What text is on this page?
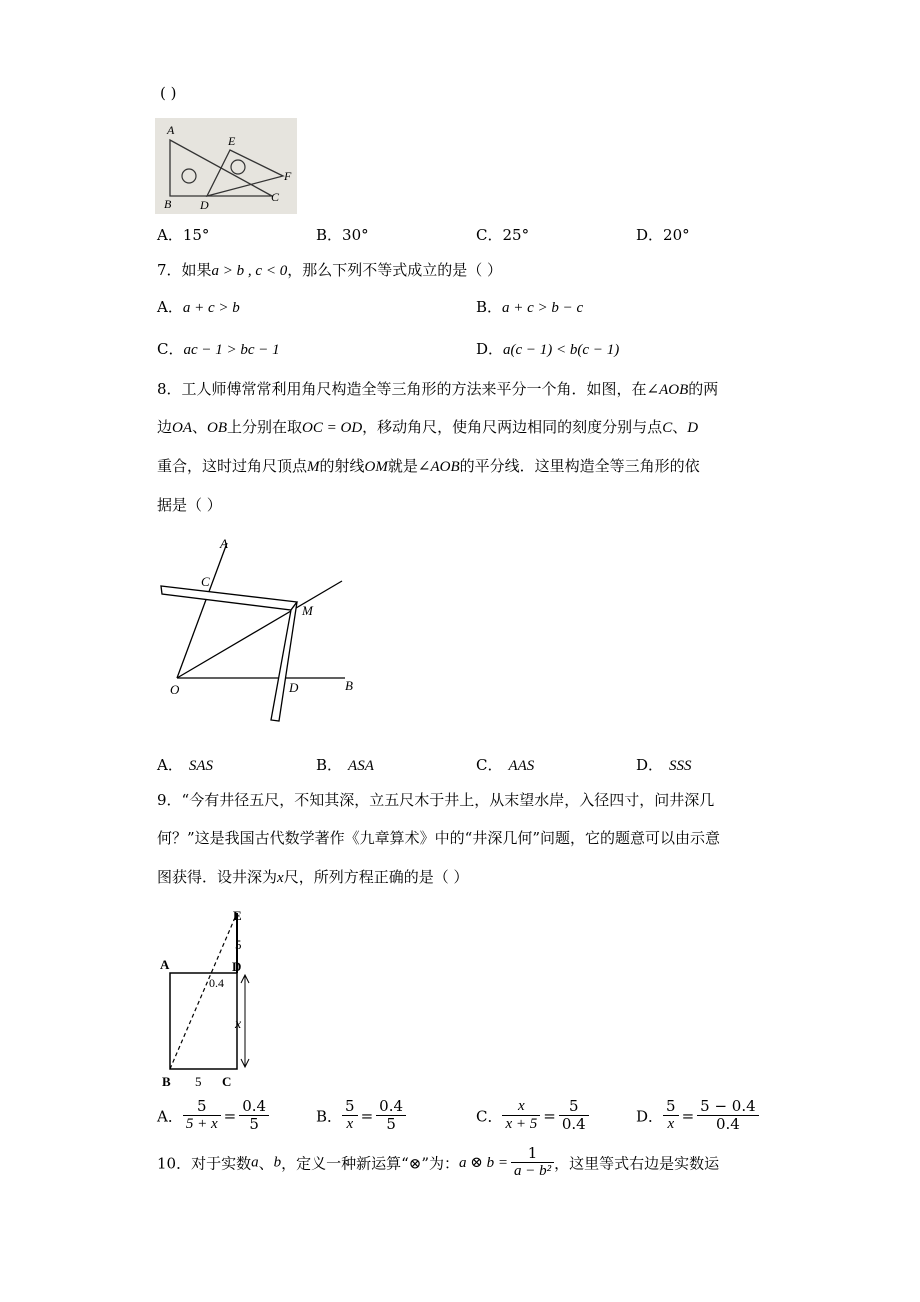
( )
A
E
F
B D
C
A．15°	B．30°	C．25°	D．20°
7．如果a > b , c < 0，那么下列不等式成立的是（ ）
A．a + c > b	B．a + c > b − c
C．ac − 1 > bc − 1	D．a(c − 1) < b(c − 1)
8．工人师傅常常利用角尺构造全等三角形的方法来平分一个角．如图，在∠AOB的两
边OA、OB上分别在取OC = OD，移动角尺，使角尺两边相同的刻度分别与点C、D
重合，这时过角尺顶点M的射线OM就是∠AOB的平分线．这里构造全等三角形的依
据是（ ）
A
C
M
O	D	B
A． SAS	B． ASA	C． AAS	D． SSS
9．“今有井径五尺，不知其深，立五尺木于井上，从末望水岸，入径四寸，问井深几
何？”这是我国古代数学著作《九章算术》中的“井深几何”问题，它的题意可以由示意
图获得．设井深为x尺，所列方程正确的是（ ）
E
5
A	D
0.4
x
B 5 C
A． $\frac{5}{5 + x} = \frac{0.4}{5}$	B． $\frac{5}{x} = \frac{0.4}{5}$	C． $\frac{x}{x + 5} = \frac{5}{0.4}$	D． $\frac{5}{x} = \frac{5 - 0.4}{0.4}$
10．对于实数a、b，定义一种新运算“⊗”为：a ⊗ $b = \frac{1}{\text{a − b²}}$ ，这里等式右边是实数运
